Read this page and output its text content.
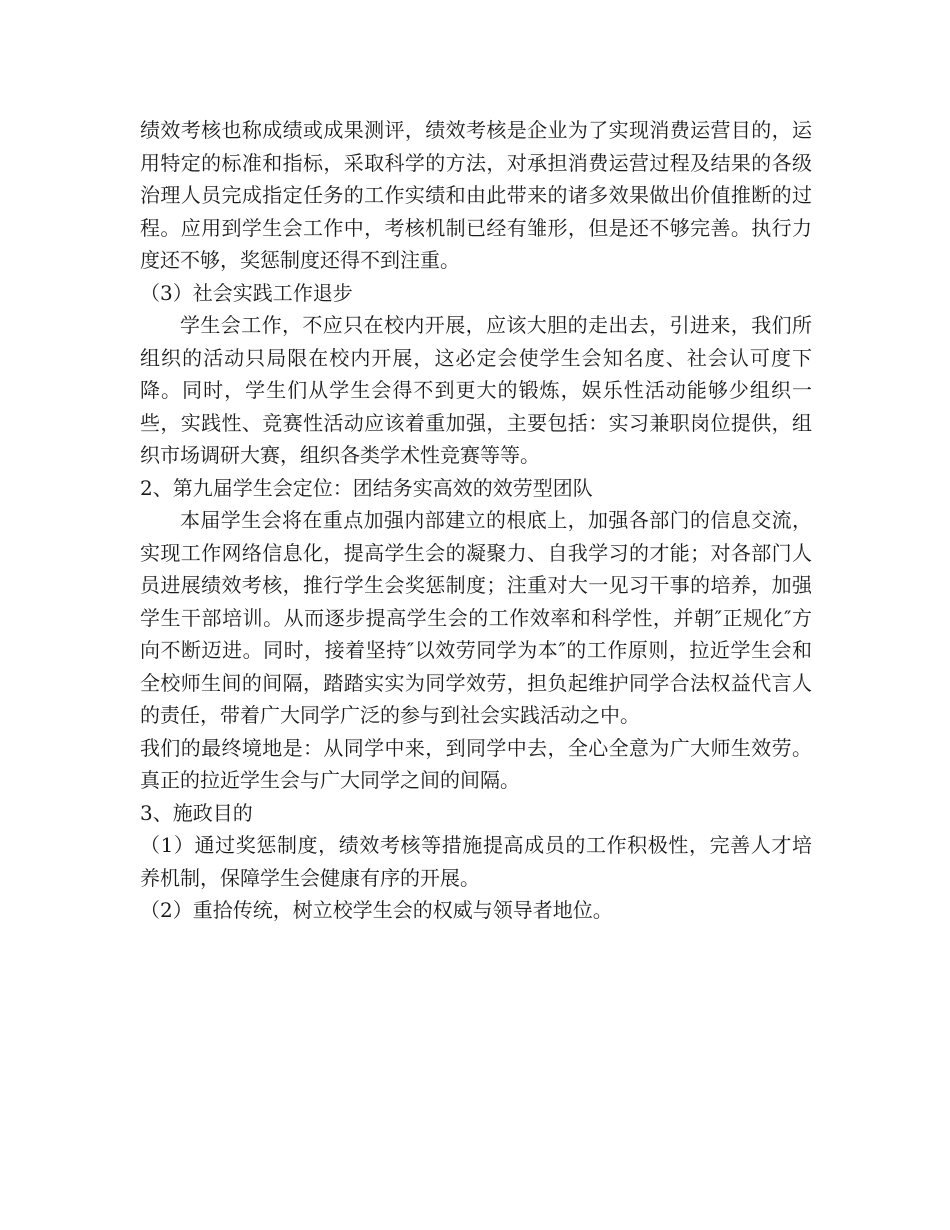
绩效考核也称成绩或成果测评，绩效考核是企业为了实现消费运营目的，运用特定的标准和指标，采取科学的方法，对承担消费运营过程及结果的各级治理人员完成指定任务的工作实绩和由此带来的诸多效果做出价值推断的过程。应用到学生会工作中，考核机制已经有雏形，但是还不够完善。执行力度还不够，奖惩制度还得不到注重。

（3）社会实践工作退步

学生会工作，不应只在校内开展，应该大胆的走出去，引进来，我们所组织的活动只局限在校内开展，这必定会使学生会知名度、社会认可度下降。同时，学生们从学生会得不到更大的锻炼，娱乐性活动能够少组织一些，实践性、竞赛性活动应该着重加强，主要包括：实习兼职岗位提供，组织市场调研大赛，组织各类学术性竞赛等等。

2、第九届学生会定位：团结务实高效的效劳型团队

本届学生会将在重点加强内部建立的根底上，加强各部门的信息交流，实现工作网络信息化，提高学生会的凝聚力、自我学习的才能；对各部门人员进展绩效考核，推行学生会奖惩制度；注重对大一见习干事的培养，加强学生干部培训。从而逐步提高学生会的工作效率和科学性，并朝″正规化″方向不断迈进。同时，接着坚持″以效劳同学为本″的工作原则，拉近学生会和全校师生间的间隔，踏踏实实为同学效劳，担负起维护同学合法权益代言人的责任，带着广大同学广泛的参与到社会实践活动之中。

我们的最终境地是：从同学中来，到同学中去，全心全意为广大师生效劳。真正的拉近学生会与广大同学之间的间隔。

3、施政目的

（1）通过奖惩制度，绩效考核等措施提高成员的工作积极性，完善人才培养机制，保障学生会健康有序的开展。

（2）重拾传统，树立校学生会的权威与领导者地位。
